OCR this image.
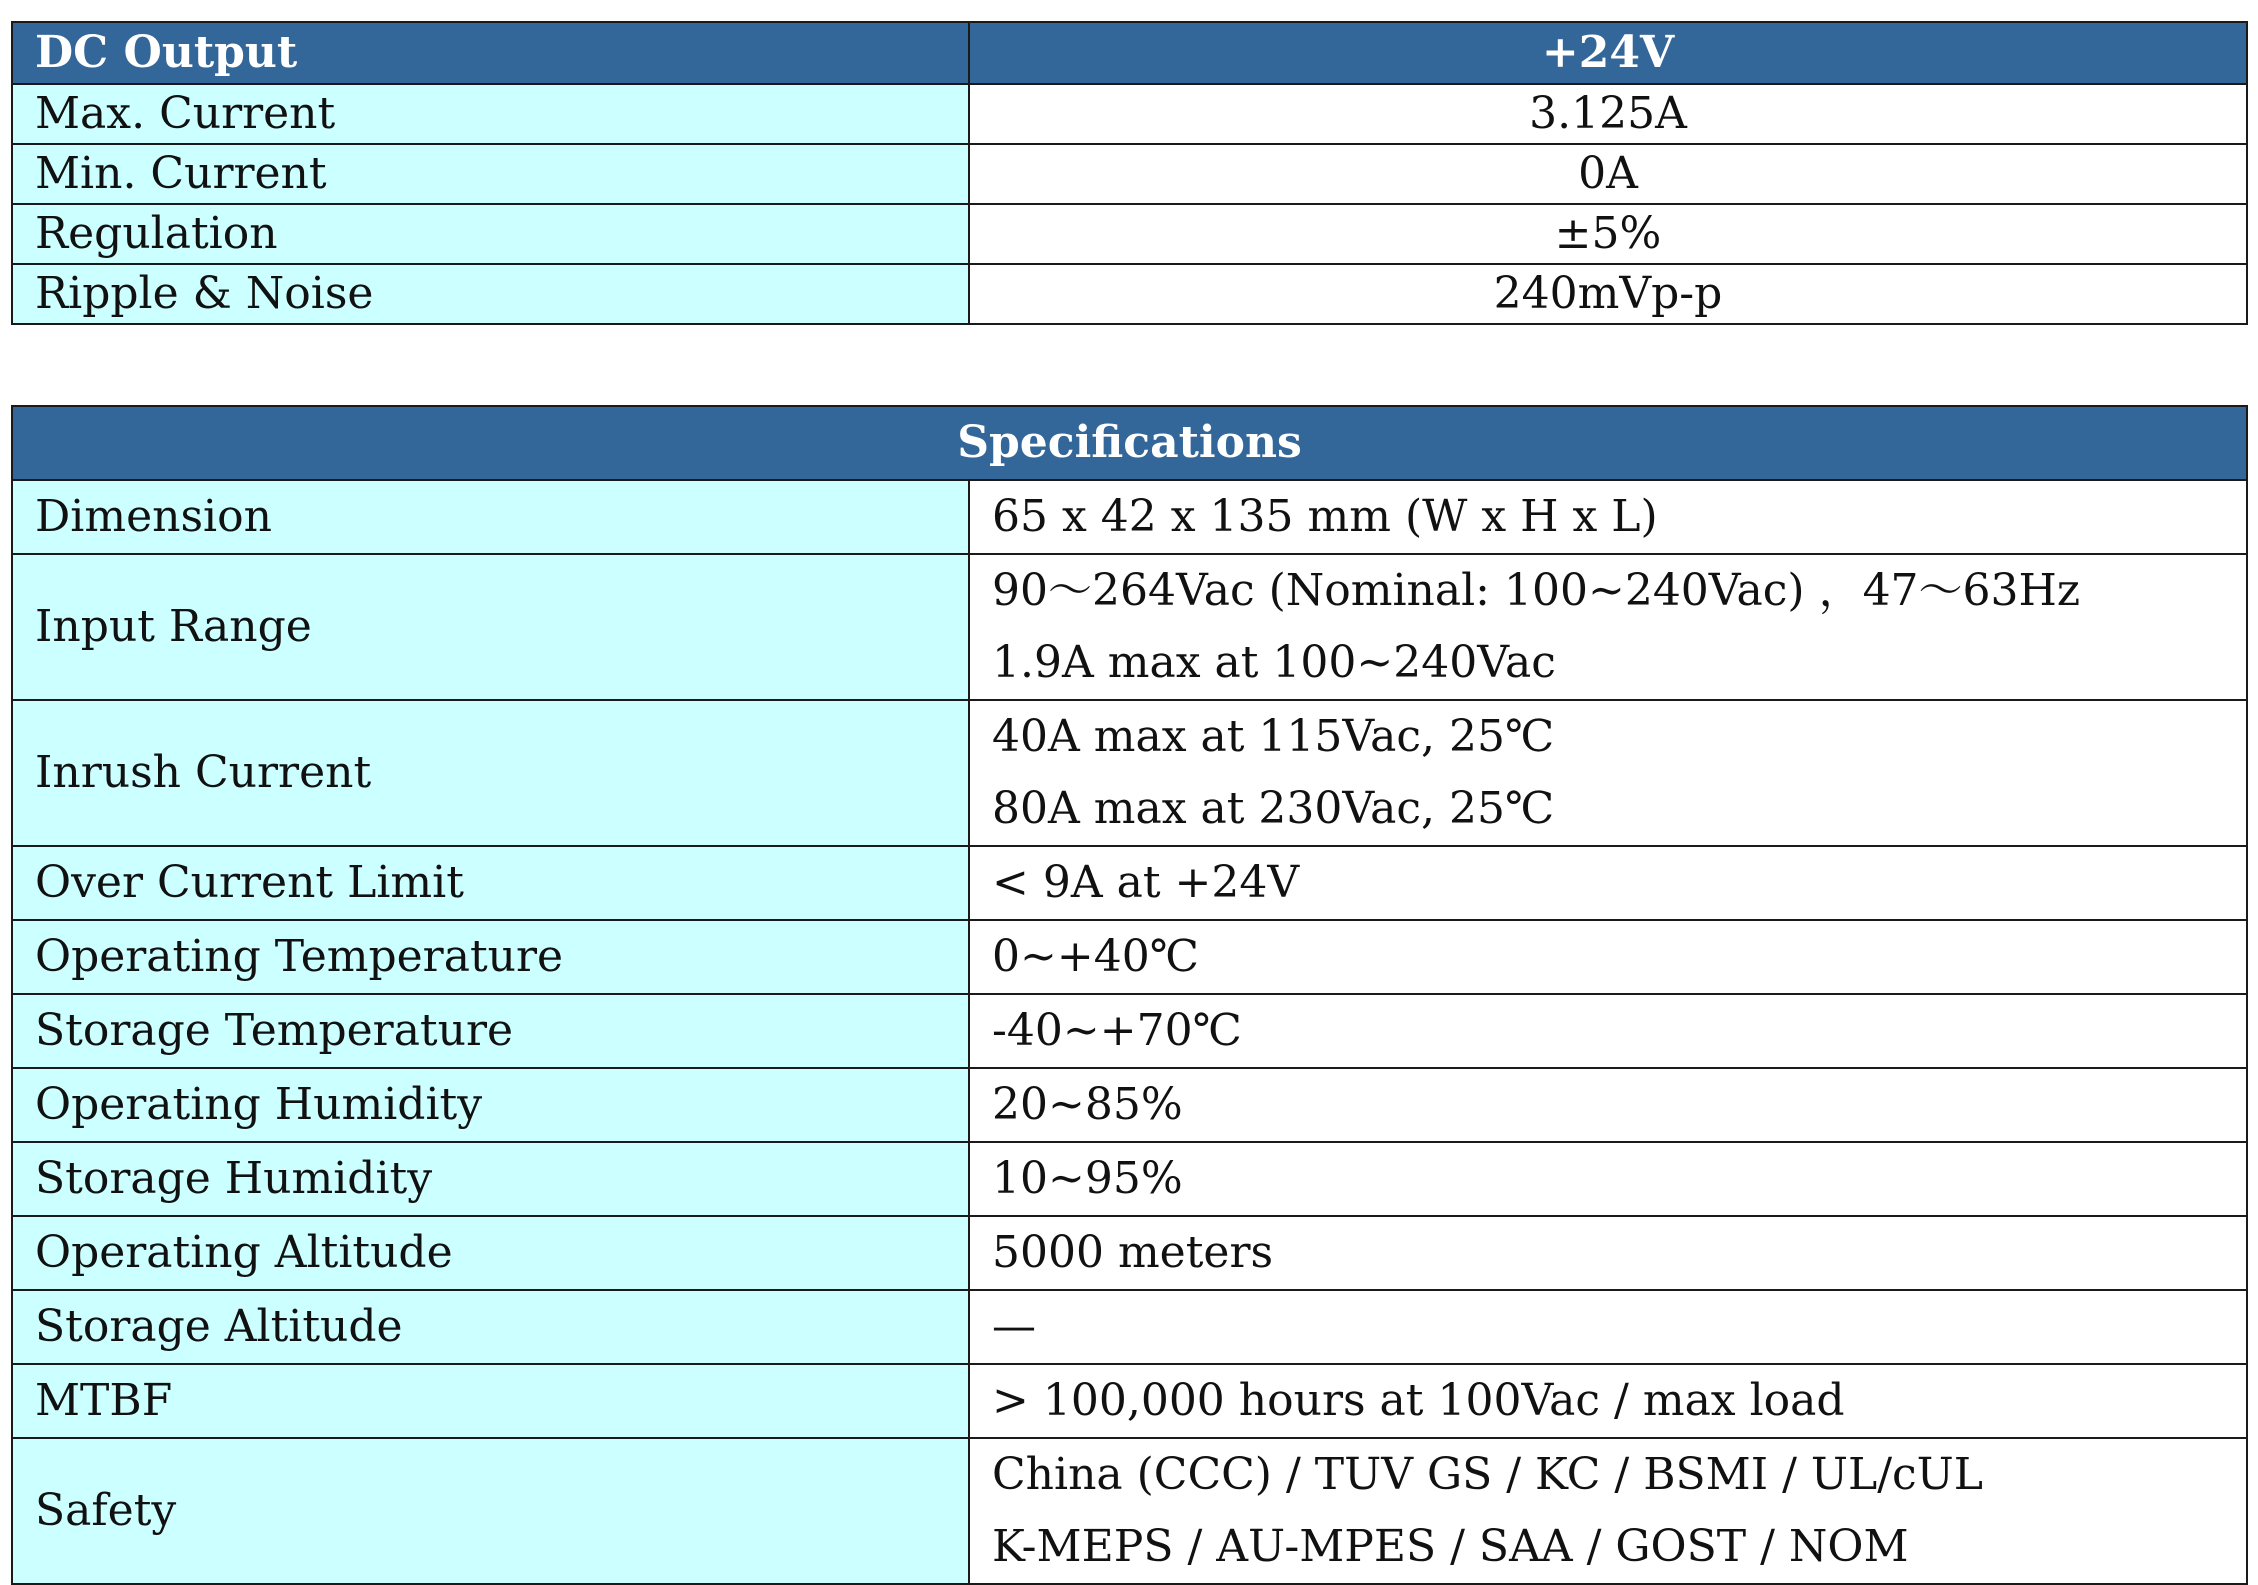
DC Output	+24V
Max. Current	3.125A
Min. Current	0A
Regulation	±5%
Ripple & Noise	240mVp-p
Specifications	
Dimension	65 x 42 x 135 mm (W x H x L)

Input Range	90～264Vac (Nominal: 100~240Vac) ，47～63Hz
1.9A max at 100~240Vac

Inrush Current	40A max at 115Vac, 25℃
80A max at 230Vac, 25℃

Over Current Limit	< 9A at +24V

Operating Temperature	0~+40℃

Storage Temperature	-40~+70℃

Operating Humidity	20~85%

Storage Humidity	10~95%

Operating Altitude	5000 meters

Storage Altitude	—

MTBF	> 100,000 hours at 100Vac / max load

Safety	China (CCC) / TUV GS / KC / BSMI / UL/cUL
K-MEPS / AU-MPES / SAA / GOST / NOM
